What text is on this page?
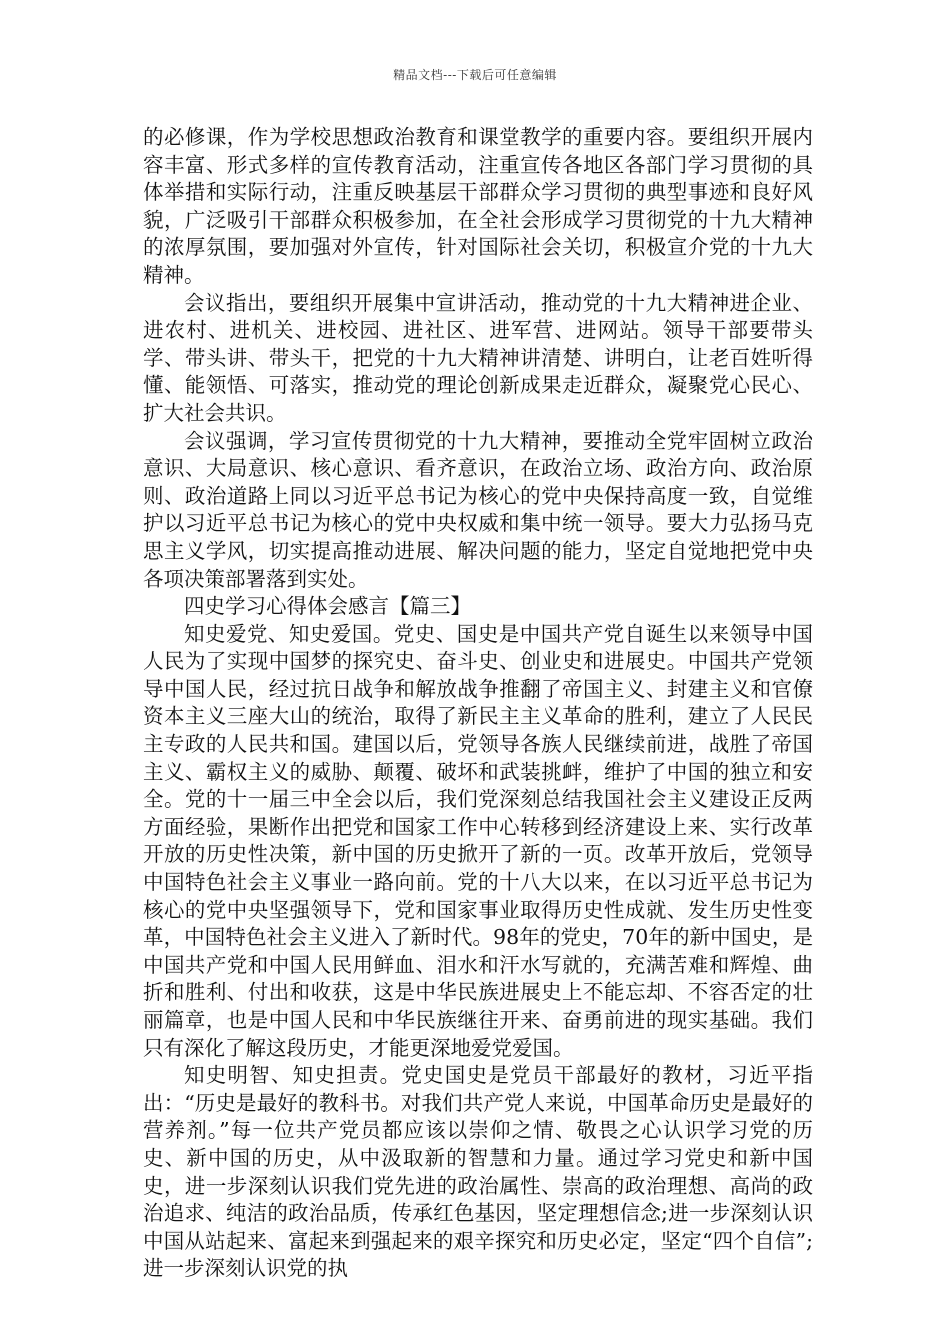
精品文档---下载后可任意编辑

的必修课，作为学校思想政治教育和课堂教学的重要内容。要组织开展内容丰富、形式多样的宣传教育活动，注重宣传各地区各部门学习贯彻的具体举措和实际行动，注重反映基层干部群众学习贯彻的典型事迹和良好风貌，广泛吸引干部群众积极参加，在全社会形成学习贯彻党的十九大精神的浓厚氛围，要加强对外宣传，针对国际社会关切，积极宣介党的十九大精神。

会议指出，要组织开展集中宣讲活动，推动党的十九大精神进企业、进农村、进机关、进校园、进社区、进军营、进网站。领导干部要带头学、带头讲、带头干，把党的十九大精神讲清楚、讲明白，让老百姓听得懂、能领悟、可落实，推动党的理论创新成果走近群众，凝聚党心民心、扩大社会共识。

会议强调，学习宣传贯彻党的十九大精神，要推动全党牢固树立政治意识、大局意识、核心意识、看齐意识，在政治立场、政治方向、政治原则、政治道路上同以习近平总书记为核心的党中央保持高度一致，自觉维护以习近平总书记为核心的党中央权威和集中统一领导。要大力弘扬马克思主义学风，切实提高推动进展、解决问题的能力，坚定自觉地把党中央各项决策部署落到实处。

四史学习心得体会感言【篇三】

知史爱党、知史爱国。党史、国史是中国共产党自诞生以来领导中国人民为了实现中国梦的探究史、奋斗史、创业史和进展史。中国共产党领导中国人民，经过抗日战争和解放战争推翻了帝国主义、封建主义和官僚资本主义三座大山的统治，取得了新民主主义革命的胜利，建立了人民民主专政的人民共和国。建国以后，党领导各族人民继续前进，战胜了帝国主义、霸权主义的威胁、颠覆、破坏和武装挑衅，维护了中国的独立和安全。党的十一届三中全会以后，我们党深刻总结我国社会主义建设正反两方面经验，果断作出把党和国家工作中心转移到经济建设上来、实行改革开放的历史性决策，新中国的历史掀开了新的一页。改革开放后，党领导中国特色社会主义事业一路向前。党的十八大以来，在以习近平总书记为核心的党中央坚强领导下，党和国家事业取得历史性成就、发生历史性变革，中国特色社会主义进入了新时代。98年的党史，70年的新中国史，是中国共产党和中国人民用鲜血、泪水和汗水写就的，充满苦难和辉煌、曲折和胜利、付出和收获，这是中华民族进展史上不能忘却、不容否定的壮丽篇章，也是中国人民和中华民族继往开来、奋勇前进的现实基础。我们只有深化了解这段历史，才能更深地爱党爱国。

知史明智、知史担责。党史国史是党员干部最好的教材，习近平指出：“历史是最好的教科书。对我们共产党人来说，中国革命历史是最好的营养剂。”每一位共产党员都应该以崇仰之情、敬畏之心认识学习党的历史、新中国的历史，从中汲取新的智慧和力量。通过学习党史和新中国史，进一步深刻认识我们党先进的政治属性、崇高的政治理想、高尚的政治追求、纯洁的政治品质，传承红色基因，坚定理想信念;进一步深刻认识中国从站起来、富起来到强起来的艰辛探究和历史必定，坚定“四个自信”;进一步深刻认识党的执
